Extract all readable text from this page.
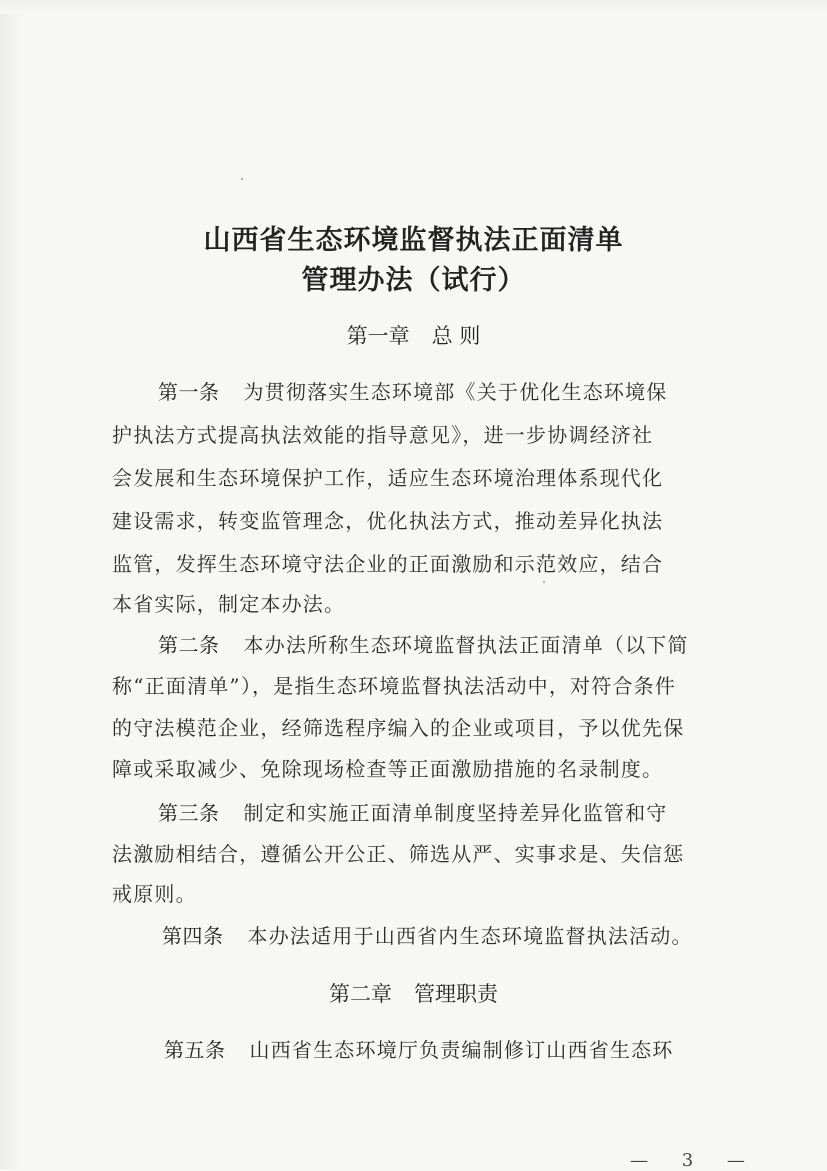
山西省生态环境监督执法正面清单
管理办法（试行）
第一章 总 则
第一条 为贯彻落实生态环境部《关于优化生态环境保
护执法方式提高执法效能的指导意见》，进一步协调经济社
会发展和生态环境保护工作，适应生态环境治理体系现代化
建设需求，转变监管理念，优化执法方式，推动差异化执法
监管，发挥生态环境守法企业的正面激励和示范效应，结合
本省实际，制定本办法。
第二条 本办法所称生态环境监督执法正面清单（以下简
称“正面清单”），是指生态环境监督执法活动中，对符合条件
的守法模范企业，经筛选程序编入的企业或项目，予以优先保
障或采取减少、免除现场检查等正面激励措施的名录制度。
第三条 制定和实施正面清单制度坚持差异化监管和守
法激励相结合，遵循公开公正、筛选从严、实事求是、失信惩
戒原则。
第四条 本办法适用于山西省内生态环境监督执法活动。
第二章 管理职责
第五条 山西省生态环境厅负责编制修订山西省生态环
— 3 —
